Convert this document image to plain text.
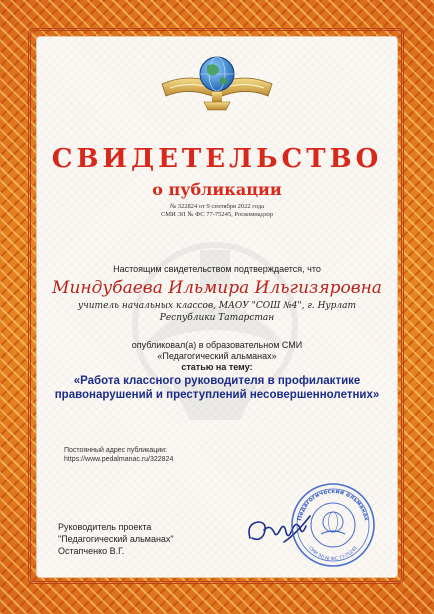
СВИДЕТЕЛЬСТВО
о публикации
№ 322824 от 9 сентября 2022 года
СМИ ЭЛ № ФС 77-75245, Роскомнадзор
Настоящим свидетельством подтверждается, что
Миндубаева Ильмира Ильгизяровна
учитель начальных классов, МАОУ "СОШ №4", г. Нурлат Республики Татарстан
опубликовал(а) в образовательном СМИ
«Педагогический альманах»
статью на тему:
«Работа классного руководителя в профилактике правонарушений и преступлений несовершеннолетних»
Постоянный адрес публикации:
https://www.pedalmanac.ru/322824
Руководитель проекта
"Педагогический альманах"
Остапченко В.Г.
Педагогический альманах
СМИ ЭЛ № ФС 77-75245
